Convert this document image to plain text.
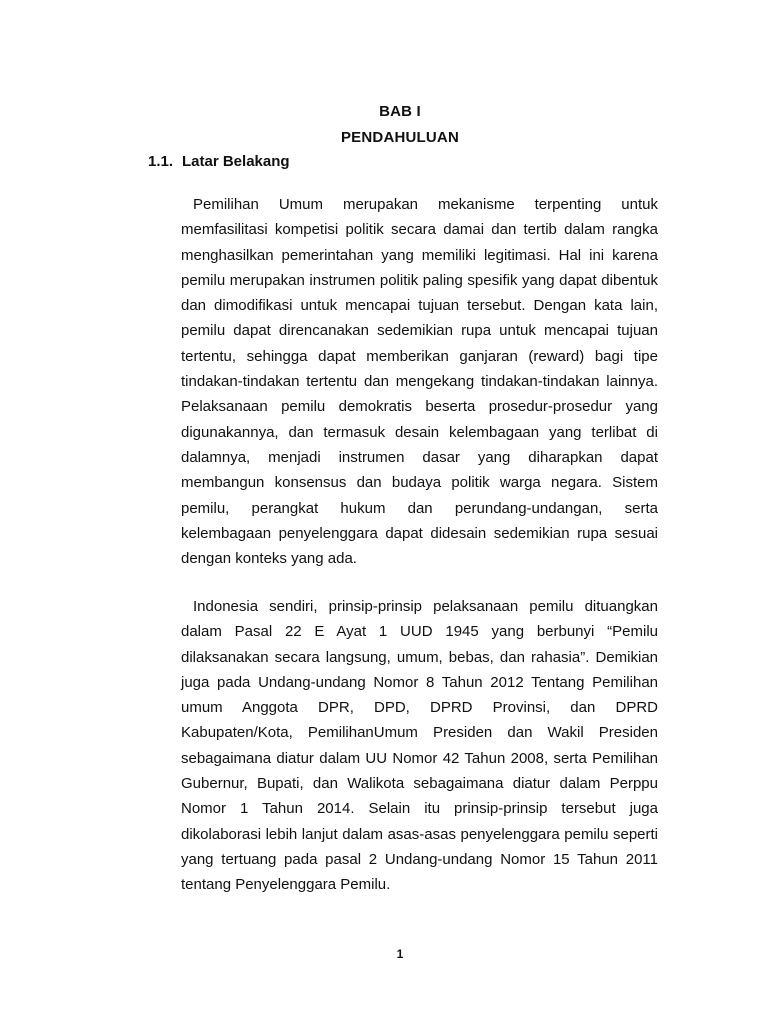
BAB I
PENDAHULUAN
1.1. Latar Belakang

Pemilihan Umum merupakan mekanisme terpenting untuk memfasilitasi kompetisi politik secara damai dan tertib dalam rangka menghasilkan pemerintahan yang memiliki legitimasi. Hal ini karena pemilu merupakan instrumen politik paling spesifik yang dapat dibentuk dan dimodifikasi untuk mencapai tujuan tersebut. Dengan kata lain, pemilu dapat direncanakan sedemikian rupa untuk mencapai tujuan tertentu, sehingga dapat memberikan ganjaran (reward) bagi tipe tindakan-tindakan tertentu dan mengekang tindakan-tindakan lainnya. Pelaksanaan pemilu demokratis beserta prosedur-prosedur yang digunakannya, dan termasuk desain kelembagaan yang terlibat di dalamnya, menjadi instrumen dasar yang diharapkan dapat membangun konsensus dan budaya politik warga negara. Sistem pemilu, perangkat hukum dan perundang-undangan, serta kelembagaan penyelenggara dapat didesain sedemikian rupa sesuai dengan konteks yang ada.

Indonesia sendiri, prinsip-prinsip pelaksanaan pemilu dituangkan dalam Pasal 22 E Ayat 1 UUD 1945 yang berbunyi “Pemilu dilaksanakan secara langsung, umum, bebas, dan rahasia”. Demikian juga pada Undang-undang Nomor 8 Tahun 2012 Tentang Pemilihan umum Anggota DPR, DPD, DPRD Provinsi, dan DPRD Kabupaten/Kota, PemilihanUmum Presiden dan Wakil Presiden sebagaimana diatur dalam UU Nomor 42 Tahun 2008, serta Pemilihan Gubernur, Bupati, dan Walikota sebagaimana diatur dalam Perppu Nomor 1 Tahun 2014. Selain itu prinsip-prinsip tersebut juga dikolaborasi lebih lanjut dalam asas-asas penyelenggara pemilu seperti yang tertuang pada pasal 2 Undang-undang Nomor 15 Tahun 2011 tentang Penyelenggara Pemilu.

1
